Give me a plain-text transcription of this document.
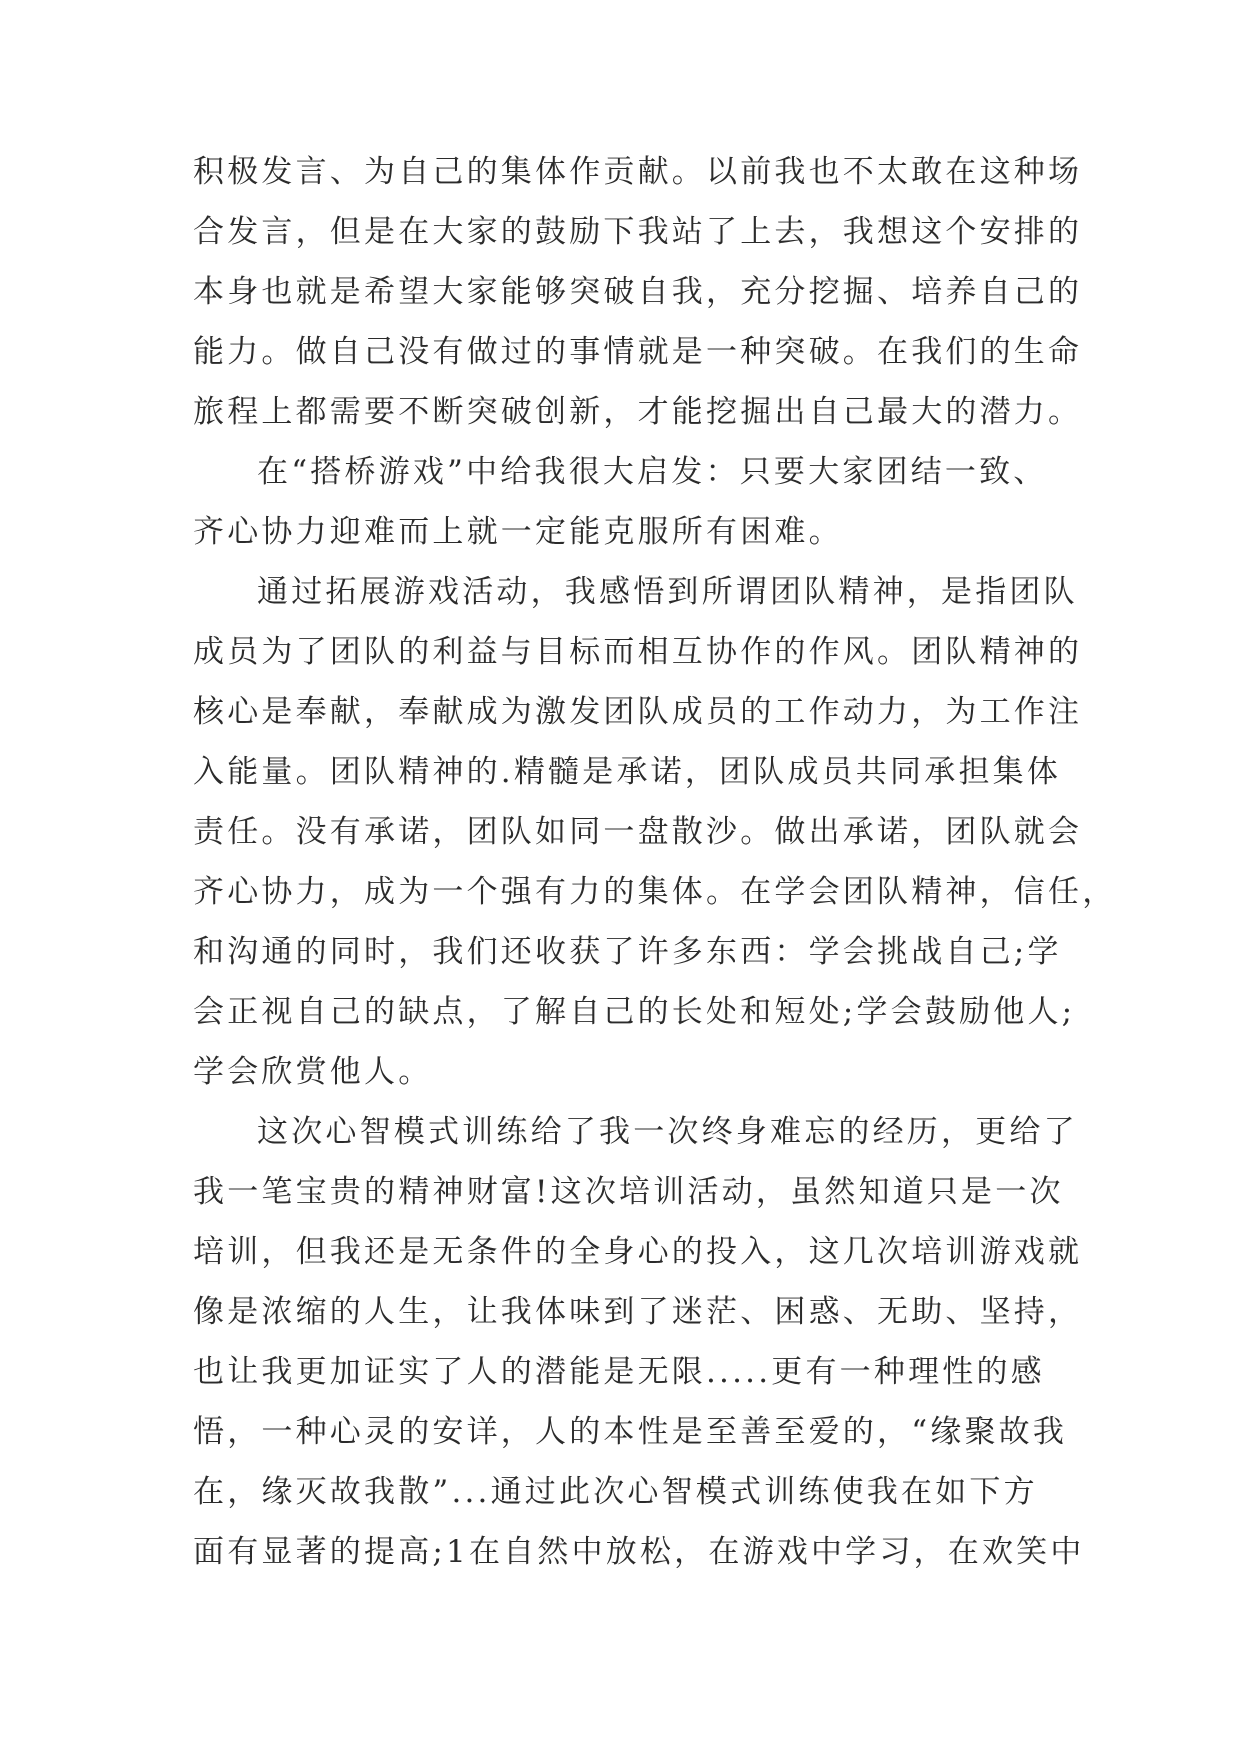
积极发言、为自己的集体作贡献。以前我也不太敢在这种场
合发言，但是在大家的鼓励下我站了上去，我想这个安排的
本身也就是希望大家能够突破自我，充分挖掘、培养自己的
能力。做自己没有做过的事情就是一种突破。在我们的生命
旅程上都需要不断突破创新，才能挖掘出自己最大的潜力。
在“搭桥游戏”中给我很大启发：只要大家团结一致、
齐心协力迎难而上就一定能克服所有困难。
通过拓展游戏活动，我感悟到所谓团队精神，是指团队
成员为了团队的利益与目标而相互协作的作风。团队精神的
核心是奉献，奉献成为激发团队成员的工作动力，为工作注
入能量。团队精神的.精髓是承诺，团队成员共同承担集体
责任。没有承诺，团队如同一盘散沙。做出承诺，团队就会
齐心协力，成为一个强有力的集体。在学会团队精神，信任，
和沟通的同时，我们还收获了许多东西：学会挑战自己;学
会正视自己的缺点，了解自己的长处和短处;学会鼓励他人;
学会欣赏他人。
这次心智模式训练给了我一次终身难忘的经历，更给了
我一笔宝贵的精神财富!这次培训活动，虽然知道只是一次
培训，但我还是无条件的全身心的投入，这几次培训游戏就
像是浓缩的人生，让我体味到了迷茫、困惑、无助、坚持，
也让我更加证实了人的潜能是无限.....更有一种理性的感
悟，一种心灵的安详，人的本性是至善至爱的，“缘聚故我
在，缘灭故我散”...通过此次心智模式训练使我在如下方
面有显著的提高;1在自然中放松，在游戏中学习，在欢笑中
